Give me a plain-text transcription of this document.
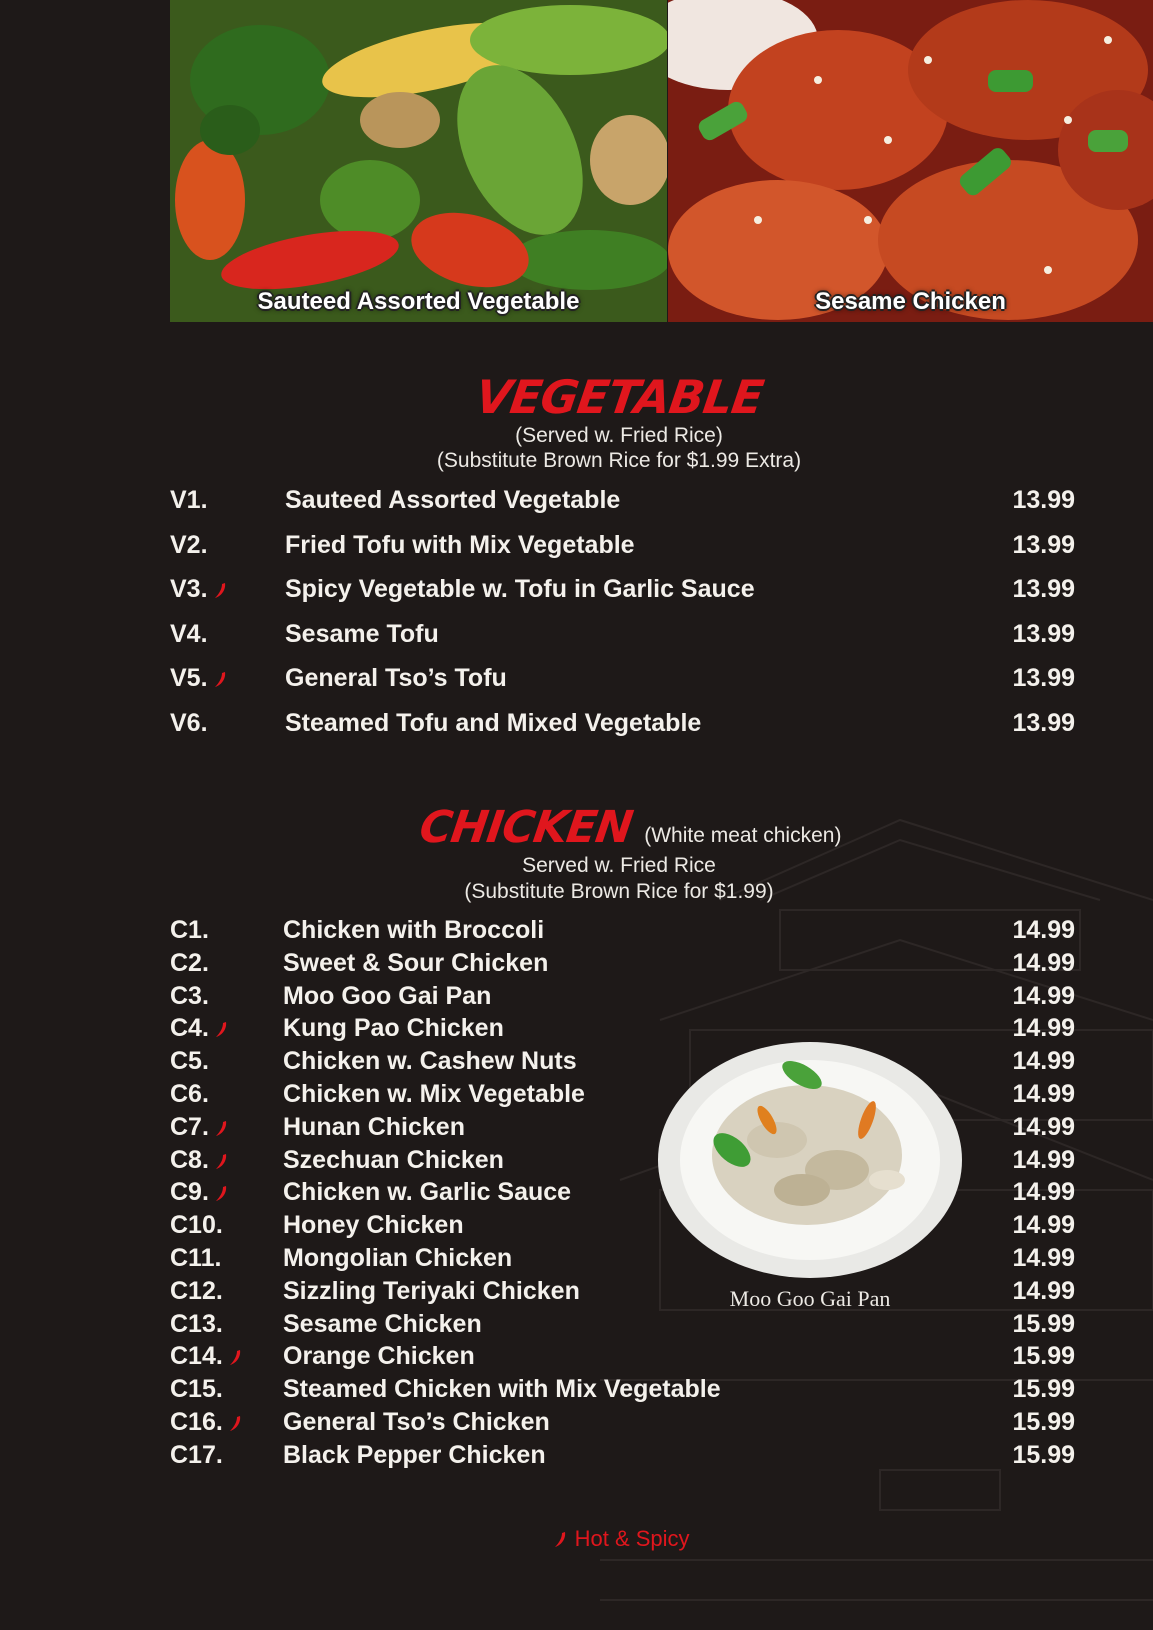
Sauteed Assorted Vegetable	Sesame Chicken
VEGETABLE
(Served w. Fried Rice)
(Substitute Brown Rice for $1.99 Extra)
V1.	Sauteed Assorted Vegetable	13.99
V2.	Fried Tofu with Mix Vegetable	13.99
V3.	Spicy Vegetable w. Tofu in Garlic Sauce	13.99
V4.	Sesame Tofu	13.99
V5.	General Tso’s Tofu	13.99
V6.	Steamed Tofu and Mixed Vegetable	13.99
CHICKEN (White meat chicken)
Served w. Fried Rice
(Substitute Brown Rice for $1.99)
C1.	Chicken with Broccoli	14.99
C2.	Sweet & Sour Chicken	14.99
C3.	Moo Goo Gai Pan	14.99
C4.	Kung Pao Chicken	14.99
C5.	Chicken w. Cashew Nuts	14.99
C6.	Chicken w. Mix Vegetable	14.99
C7.	Hunan Chicken	14.99
C8.	Szechuan Chicken	14.99
C9.	Chicken w. Garlic Sauce	14.99
C10. Honey Chicken	14.99
C11. Mongolian Chicken	14.99
C12. Sizzling Teriyaki Chicken	14.99
C13. Sesame Chicken	15.99
C14.	Orange Chicken	15.99
C15. Steamed Chicken with Mix Vegetable	15.99
C16.	General Tso’s Chicken	15.99
C17. Black Pepper Chicken	15.99
Moo Goo Gai Pan
Hot & Spicy
